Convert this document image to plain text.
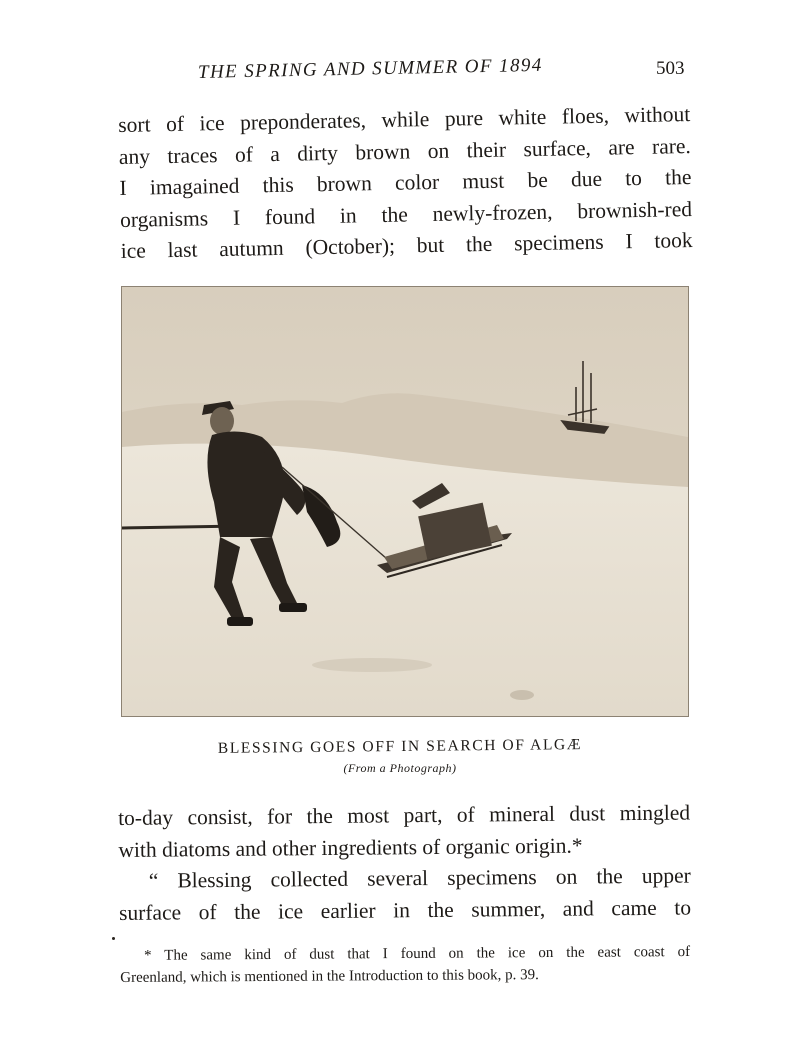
THE SPRING AND SUMMER OF 1894	503
sort of ice preponderates, while pure white floes, without
any traces of a dirty brown on their surface, are rare.
I imagained this brown color must be due to the
organisms I found in the newly-frozen, brownish-red
ice last autumn (October); but the specimens I took
BLESSING GOES OFF IN SEARCH OF ALGÆ
(From a Photograph)
to-day consist, for the most part, of mineral dust mingled
with diatoms and other ingredients of organic origin.*
“ Blessing collected several specimens on the upper
surface of the ice earlier in the summer, and came to
* The same kind of dust that I found on the ice on the east coast of
Greenland, which is mentioned in the Introduction to this book, p. 39.
